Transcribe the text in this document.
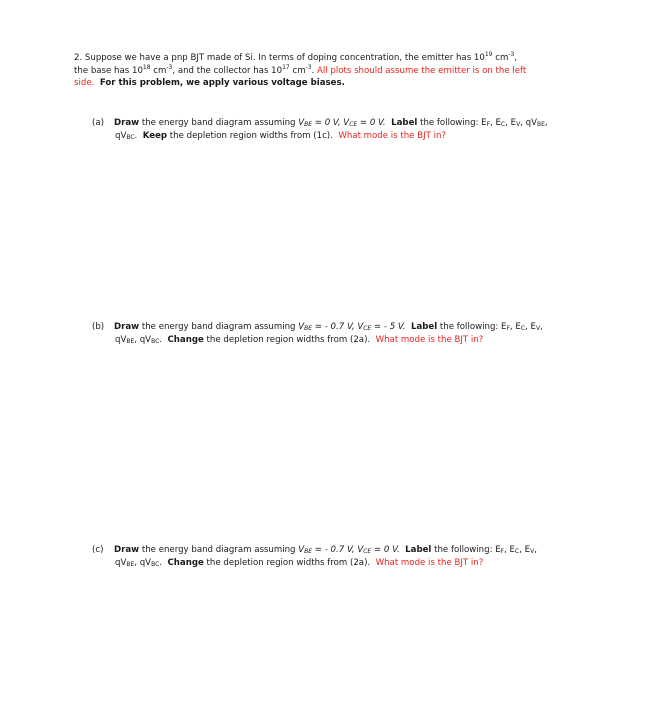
2. Suppose we have a pnp BJT made of Si. In terms of doping concentration, the emitter has $10^{19}$ $cm^{-3}$,
the base has $10^{18}$ $cm^{-3}$, and the collector has $10^{17}$ $cm^{-3}$. All plots should assume the emitter is on the left
side. For this problem, we apply various voltage biases.
(a) Draw the energy band diagram assuming $V_{BE} = 0$ V, $V_{CE} = 0$ V. Label the following: $E_F$, $E_C$, $E_V$, $qV_{BE}$,
$qV_{BC}$. Keep the depletion region widths from (1c). What mode is the BJT in?
(b) Draw the energy band diagram assuming $V_{BE}$ = - 0.7 V, $V_{CE}$ = - 5 V. Label the following: $E_F$, $E_C$, $E_V$,
$qV_{BE}$, $qV_{BC}$. Change the depletion region widths from (2a). What mode is the BJT in?
(c) Draw the energy band diagram assuming $V_{BE}$ = - 0.7 V, $V_{CE} = 0$ V. Label the following: $E_F$, $E_C$, $E_V$,
$qV_{BE}$, $qV_{BC}$. Change the depletion region widths from (2a). What mode is the BJT in?
